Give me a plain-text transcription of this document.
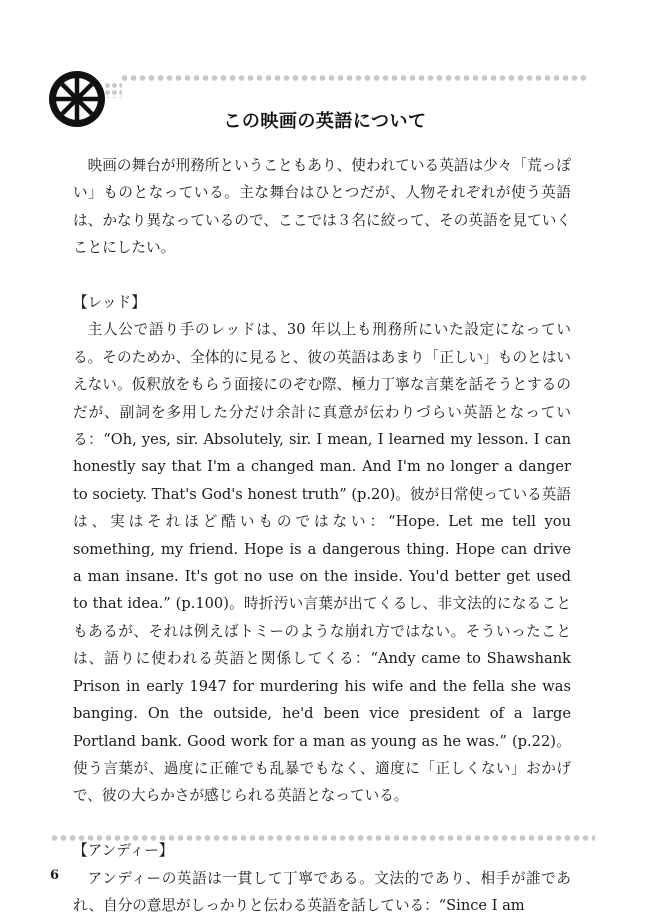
この映画の英語について

映画の舞台が刑務所ということもあり、使われている英語は少々「荒っぽい」ものとなっている。主な舞台はひとつだが、人物それぞれが使う英語は、かなり異なっているので、ここでは３名に絞って、その英語を見ていくことにしたい。

【レッド】

主人公で語り手のレッドは、30 年以上も刑務所にいた設定になっている。そのためか、全体的に見ると、彼の英語はあまり「正しい」ものとはいえない。仮釈放をもらう面接にのぞむ際、極力丁寧な言葉を話そうとするのだが、副詞を多用した分だけ余計に真意が伝わりづらい英語となっている：“Oh, yes, sir. Absolutely, sir. I mean, I learned my lesson. I can honestly say that I'm a changed man. And I'm no longer a danger to society. That's God's honest truth” (p.20)。彼が日常使っている英語は、実はそれほど酷いものではない：“Hope. Let me tell you something, my friend. Hope is a dangerous thing. Hope can drive a man insane. It's got no use on the inside. You'd better get used to that idea.” (p.100)。時折汚い言葉が出てくるし、非文法的になることもあるが、それは例えばトミーのような崩れ方ではない。そういったことは、語りに使われる英語と関係してくる：“Andy came to Shawshank Prison in early 1947 for murdering his wife and the fella she was banging. On the outside, he'd been vice president of a large Portland bank. Good work for a man as young as he was.” (p.22)。使う言葉が、過度に正確でも乱暴でもなく、適度に「正しくない」おかげで、彼の大らかさが感じられる英語となっている。

【アンディー】

アンディーの英語は一貫して丁寧である。文法的であり、相手が誰であれ、自分の意思がしっかりと伝わる英語を話している：“Since I am

6
